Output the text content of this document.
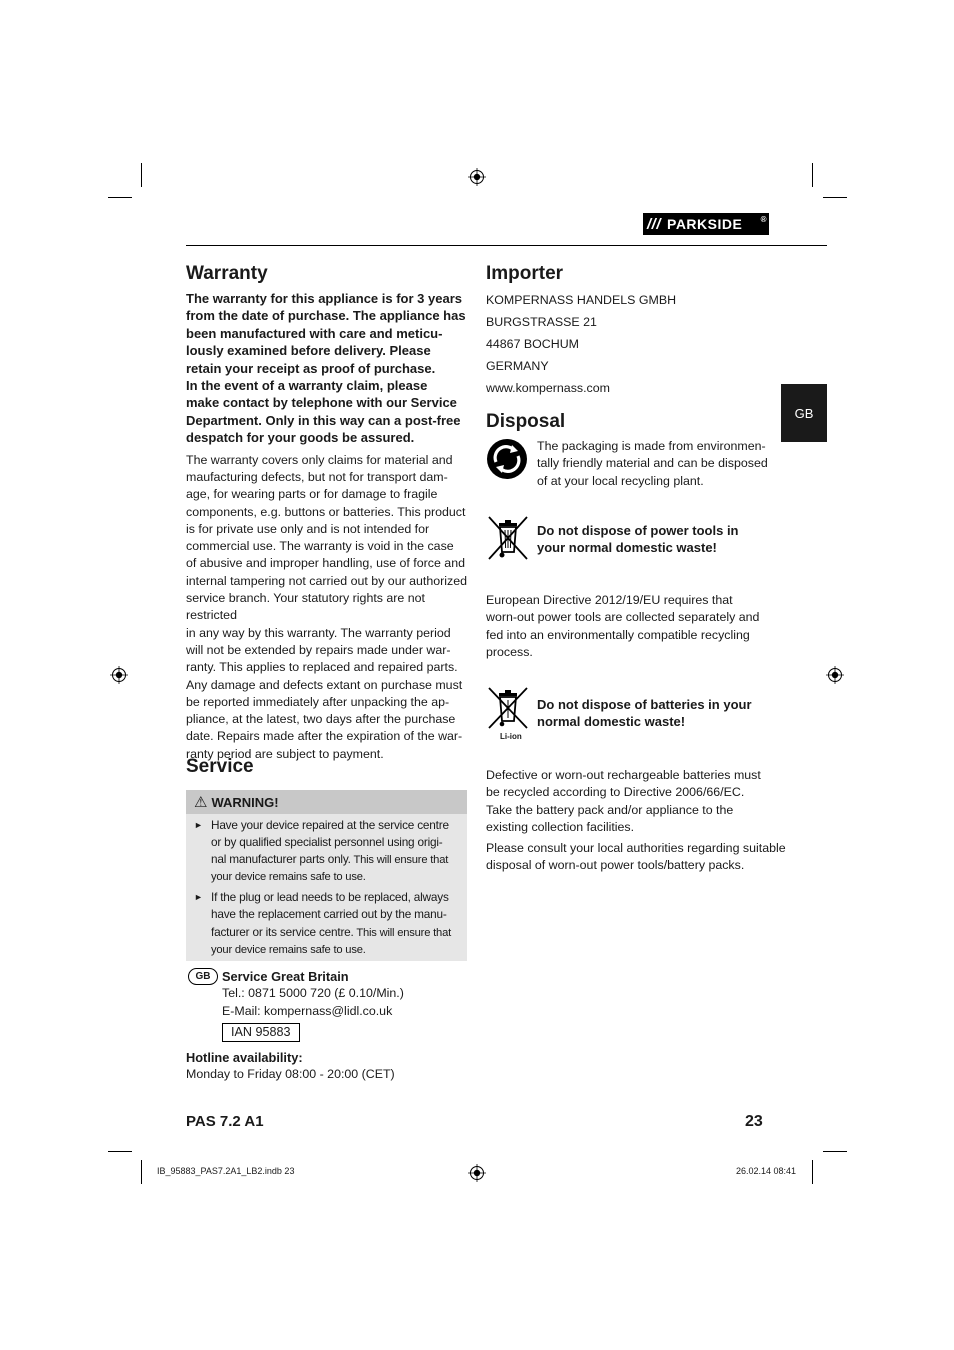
/// PARKSIDE	®
GB
Warranty
The warranty for this appliance is for 3 years
from the date of purchase. The appliance has
been manufactured with care and meticu-
lously examined before delivery. Please
retain your receipt as proof of purchase.
In the event of a warranty claim, please
make contact by telephone with our Service
Department. Only in this way can a post-free
despatch for your goods be assured.
The warranty covers only claims for material and
maufacturing defects, but not for transport dam-
age, for wearing parts or for damage to fragile
components, e.g. buttons or batteries. This product
is for private use only and is not intended for
commercial use. The warranty is void in the case
of abusive and improper handling, use of force and
internal tampering not carried out by our authorized
service branch. Your statutory rights are not restricted
in any way by this warranty. The warranty period
will not be extended by repairs made under war-
ranty. This applies to replaced and repaired parts.
Any damage and defects extant on purchase must
be reported immediately after unpacking the ap-
pliance, at the latest, two days after the purchase
date. Repairs made after the expiration of the war-
ranty period are subject to payment.
Service
⚠ WARNING!
► Have your device repaired at the service centre
or by qualified specialist personnel using origi-
nal manufacturer parts only. This will ensure that
your device remains safe to use.
► If the plug or lead needs to be replaced, always
have the replacement carried out by the manu-
facturer or its service centre. This will ensure that
your device remains safe to use.
GB Service Great Britain
Tel.: 0871 5000 720 (£ 0.10/Min.)
E-Mail: kompernass@lidl.co.uk
IAN 95883
Hotline availability:
Monday to Friday 08:00 - 20:00 (CET)
Importer
KOMPERNASS HANDELS GMBH
BURGSTRASSE 21
44867 BOCHUM
GERMANY
www.kompernass.com
Disposal
The packaging is made from environmen-
tally friendly material and can be disposed
of at your local recycling plant.
Do not dispose of power tools in
your normal domestic waste!
European Directive 2012/19/EU requires that
worn-out power tools are collected separately and
fed into an environmentally compatible recycling
process.
Li-ion
Do not dispose of batteries in your
normal domestic waste!
Defective or worn-out rechargeable batteries must
be recycled according to Directive 2006/66/EC.
Take the battery pack and/or appliance to the
existing collection facilities.
Please consult your local authorities regarding suitable
disposal of worn-out power tools/battery packs.
PAS 7.2 A1	23
IB_95883_PAS7.2A1_LB2.indb 23	26.02.14 08:41
